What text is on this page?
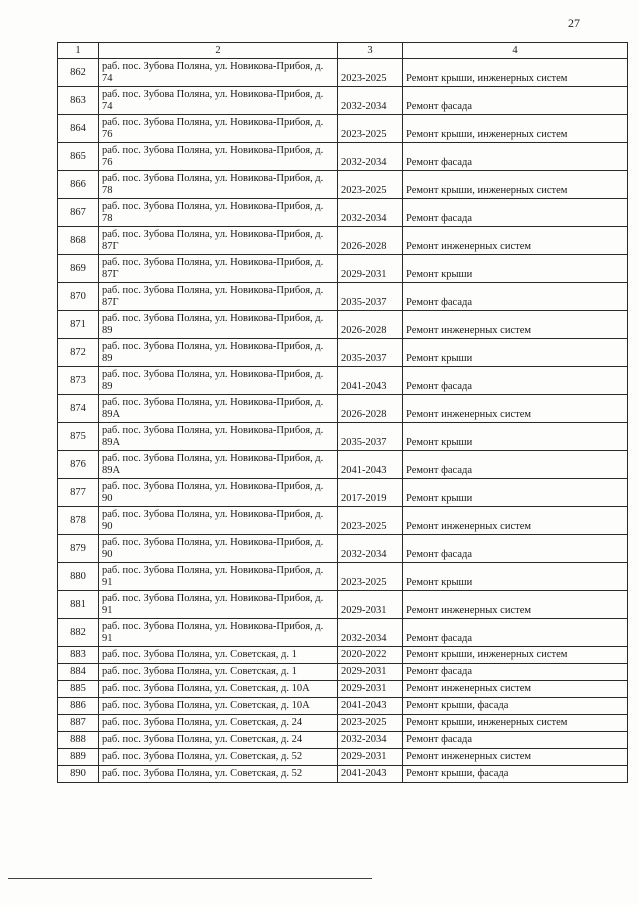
27
1	2	3	4
862	раб. пос. Зубова Поляна, ул. Новикова-Прибоя, д. 74	2023-2025	Ремонт крыши, инженерных систем
863	раб. пос. Зубова Поляна, ул. Новикова-Прибоя, д. 74	2032-2034	Ремонт фасада
864	раб. пос. Зубова Поляна, ул. Новикова-Прибоя, д. 76	2023-2025	Ремонт крыши, инженерных систем
865	раб. пос. Зубова Поляна, ул. Новикова-Прибоя, д. 76	2032-2034	Ремонт фасада
866	раб. пос. Зубова Поляна, ул. Новикова-Прибоя, д. 78	2023-2025	Ремонт крыши, инженерных систем
867	раб. пос. Зубова Поляна, ул. Новикова-Прибоя, д. 78	2032-2034	Ремонт фасада
868	раб. пос. Зубова Поляна, ул. Новикова-Прибоя, д. 87Г	2026-2028	Ремонт инженерных систем
869	раб. пос. Зубова Поляна, ул. Новикова-Прибоя, д. 87Г	2029-2031	Ремонт крыши
870	раб. пос. Зубова Поляна, ул. Новикова-Прибоя, д. 87Г	2035-2037	Ремонт фасада
871	раб. пос. Зубова Поляна, ул. Новикова-Прибоя, д. 89	2026-2028	Ремонт инженерных систем
872	раб. пос. Зубова Поляна, ул. Новикова-Прибоя, д. 89	2035-2037	Ремонт крыши
873	раб. пос. Зубова Поляна, ул. Новикова-Прибоя, д. 89	2041-2043	Ремонт фасада
874	раб. пос. Зубова Поляна, ул. Новикова-Прибоя, д. 89А	2026-2028	Ремонт инженерных систем
875	раб. пос. Зубова Поляна, ул. Новикова-Прибоя, д. 89А	2035-2037	Ремонт крыши
876	раб. пос. Зубова Поляна, ул. Новикова-Прибоя, д. 89А	2041-2043	Ремонт фасада
877	раб. пос. Зубова Поляна, ул. Новикова-Прибоя, д. 90	2017-2019	Ремонт крыши
878	раб. пос. Зубова Поляна, ул. Новикова-Прибоя, д. 90	2023-2025	Ремонт инженерных систем
879	раб. пос. Зубова Поляна, ул. Новикова-Прибоя, д. 90	2032-2034	Ремонт фасада
880	раб. пос. Зубова Поляна, ул. Новикова-Прибоя, д. 91	2023-2025	Ремонт крыши
881	раб. пос. Зубова Поляна, ул. Новикова-Прибоя, д. 91	2029-2031	Ремонт инженерных систем
882	раб. пос. Зубова Поляна, ул. Новикова-Прибоя, д. 91	2032-2034	Ремонт фасада
883	раб. пос. Зубова Поляна, ул. Советская, д. 1	2020-2022	Ремонт крыши, инженерных систем
884	раб. пос. Зубова Поляна, ул. Советская, д. 1	2029-2031	Ремонт фасада
885	раб. пос. Зубова Поляна, ул. Советская, д. 10А	2029-2031	Ремонт инженерных систем
886	раб. пос. Зубова Поляна, ул. Советская, д. 10А	2041-2043	Ремонт крыши, фасада
887	раб. пос. Зубова Поляна, ул. Советская, д. 24	2023-2025	Ремонт крыши, инженерных систем
888	раб. пос. Зубова Поляна, ул. Советская, д. 24	2032-2034	Ремонт фасада
889	раб. пос. Зубова Поляна, ул. Советская, д. 52	2029-2031	Ремонт инженерных систем
890	раб. пос. Зубова Поляна, ул. Советская, д. 52	2041-2043	Ремонт крыши, фасада
